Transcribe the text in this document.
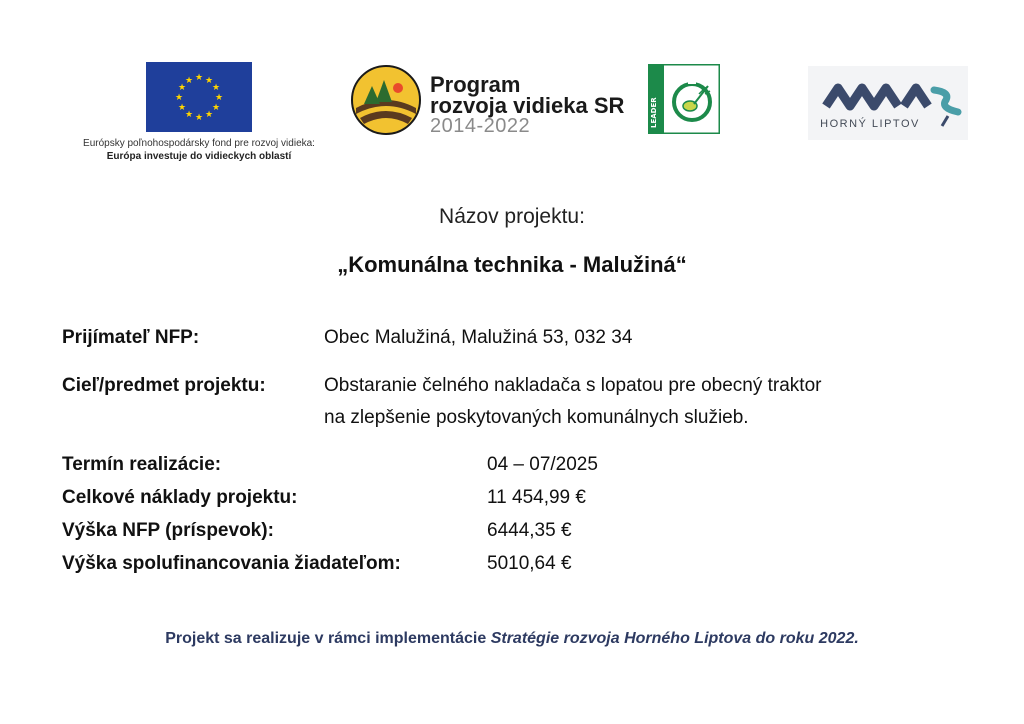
★ ★
★
★
★
★
★
★
★
★
★
★
Európsky poľnohospodársky fond pre rozvoj vidieka:
Európa investuje do vidieckych oblastí
Program
rozvoja vidieka SR
2014-2022	LEADER	HORNÝ LIPTOV
Názov projektu:
„Komunálna technika - Malužiná“
Prijímateľ NFP:	Obec Malužiná, Malužiná 53, 032 34
Cieľ/predmet projektu:	Obstaranie čelného nakladača s lopatou pre obecný traktor
na zlepšenie poskytovaných komunálnych služieb.
Termín realizácie:	04 – 07/2025
Celkové náklady projektu:	11 454,99 €
Výška NFP (príspevok):	6444,35 €
Výška spolufinancovania žiadateľom:	5010,64 €
Projekt sa realizuje v rámci implementácie Stratégie rozvoja Horného Liptova do roku 2022.
